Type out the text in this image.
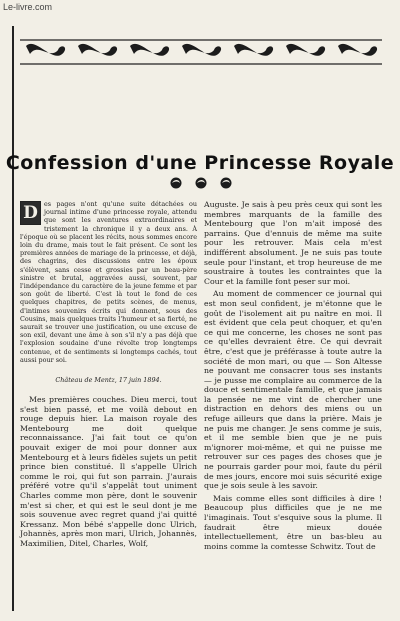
Le-livre.com
Confession d'une Princesse Royale
D es pages n'ont qu'une suite détachées ou journal intime d'une princesse royale, attendu que sont les aventures extraordinaires et tristement la chronique il y a deux ans. À l'époque où se placent les récits, nous sommes encore loin du drame, mais tout le fait présent. Ce sont les premières années de mariage de la princesse, et déjà, des chagrins, des discussions entre les époux s'élèvent, sans cesse et grossies par un beau-père sinistre et brutal, aggravées aussi, souvent, par l'indépendance du caractère de la jeune femme et par son goût de liberté. C'est là tout le fond de ces quelques chapitres, de petits scènes, de menus, d'intimes souvenirs écrits qui donnent, sous des Cousins, mais quelques traits l'humeur et sa fierté, ne saurait se trouver une justification, ou une excuse de son exil, devant une âme à son s'il n'y a pas déjà que l'explosion soudaine d'une révolte trop longtemps contenue, et de sentiments si longtemps cachés, tout aussi pour soi.

Château de Mentz, 17 juin 1894.

Mes premières couches. Dieu merci, tout s'est bien passé, et me voilà debout en rouge depuis hier. La maison royale des Mentebourg me doit quelque reconnaissance. J'ai fait tout ce qu'on pouvait exiger de moi pour donner aux Mentebourg et à leurs fidèles sujets un petit prince bien constitué. Il s'appelle Ulrich comme le roi, qui fut son parrain. J'aurais préféré votre qu'il s'appelât tout uniment Charles comme mon père, dont le souvenir m'est si cher, et qui est le seul dont je me sois souvenue avec regret quand j'ai quitté Kressanz. Mon bébé s'appelle donc Ulrich, Johannès, après mon mari, Ulrich, Johannès, Maximilien, Ditel, Charles, Wolf,

Auguste. Je sais à peu près ceux qui sont les membres marquants de la famille des Mentebourg que l'on m'ait imposé des parrains. Que d'ennuis de même ma suite pour les retrouver. Mais cela m'est indifférent absolument. Je ne suis pas toute seule pour l'instant, et trop heureuse de me soustraire à toutes les contraintes que la Cour et la famille font peser sur moi.

Au moment de commencer ce journal qui est mon seul confident, je m'étonne que le goût de l'isolement ait pu naître en moi. Il est évident que cela peut choquer, et qu'en ce qui me concerne, les choses ne sont pas ce qu'elles devraient être. Ce qui devrait être, c'est que je préférasse à toute autre la société de mon mari, ou que — Son Altesse ne pouvant me consacrer tous ses instants — je pusse me complaire au commerce de la douce et sentimentale famille, et que jamais la pensée ne me vint de chercher une distraction en dehors des miens ou un refuge ailleurs que dans la prière. Mais je ne puis me changer. Je sens comme je suis, et il me semble bien que je ne puis m'ignorer moi-même, et qui ne puisse me retrouver sur ces pages des choses que je ne pourrais garder pour moi, faute du péril de mes jours, encore moi suis sécurité exige que je sois seule à les savoir.

Mais comme elles sont difficiles à dire ! Beaucoup plus difficiles que je ne me l'imaginais. Tout s'esquive sous la plume. Il faudrait être mieux douée intellectuellement, être un bas-bleu au moins comme la comtesse Schwitz. Tout de
